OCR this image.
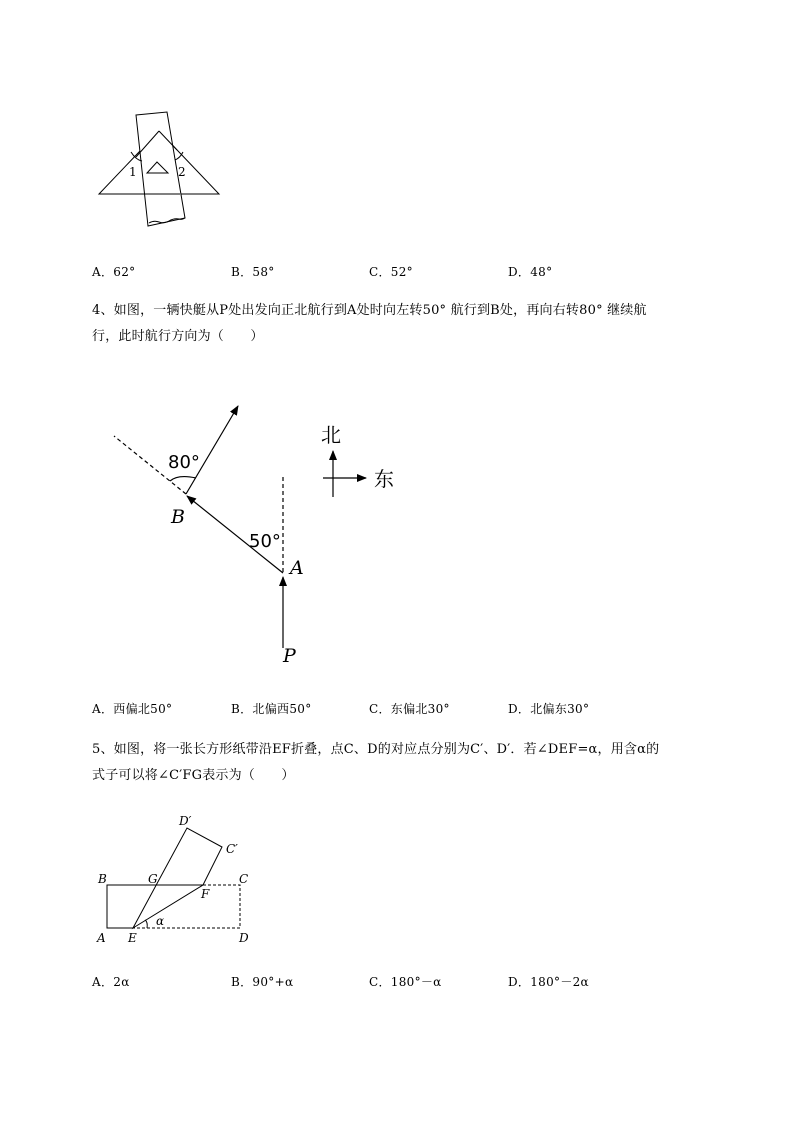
1	2
A．62°	B．58°	C．52°	D．48°
4、如图，一辆快艇从P处出发向正北航行到A处时向左转50° 航行到B处，再向右转80° 继续航
行，此时航行方向为（　　）
80°
50°
B
A
P
北
东
A．西偏北50°	B．北偏西50°	C．东偏北30°	D．北偏东30°
5、如图，将一张长方形纸带沿EF折叠，点C、D的对应点分别为C′、D′．若∠DEF=α，用含α的
式子可以将∠C′FG表示为（　　）
D′
C′
B	G	C
F
α
A E	D
A．2α	B．90°+α	C．180°－α	D．180°－2α
